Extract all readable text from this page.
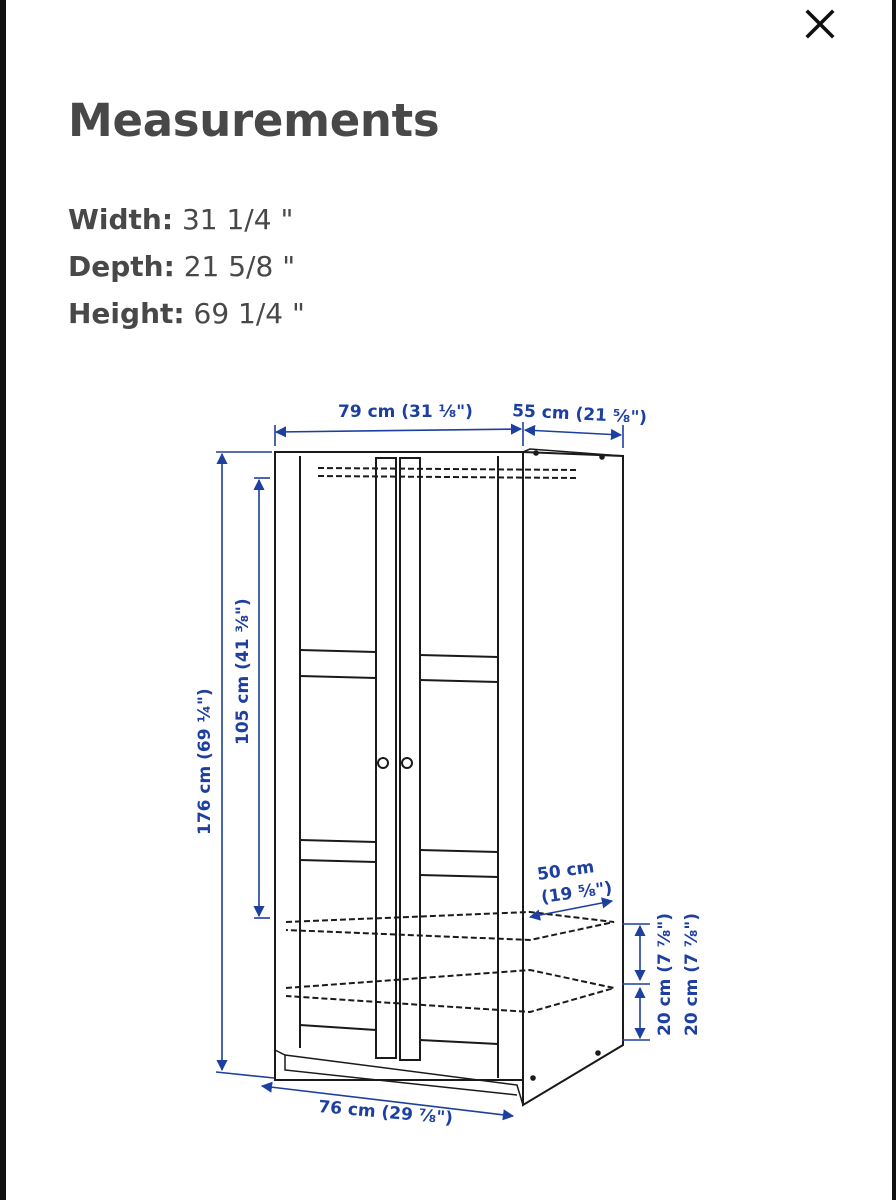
Measurements
Width: 31 1/4 "
Depth: 21 5/8 "
Height: 69 1/4 "
79 cm (31 ⅛") 55 cm (21 ⅝")
176 cm (69 ¼")
105 cm (41 ⅜")
50 cm
(19 ⅝")
20 cm (7 ⅞") 20 cm (7 ⅞")
76 cm (29 ⅞")
